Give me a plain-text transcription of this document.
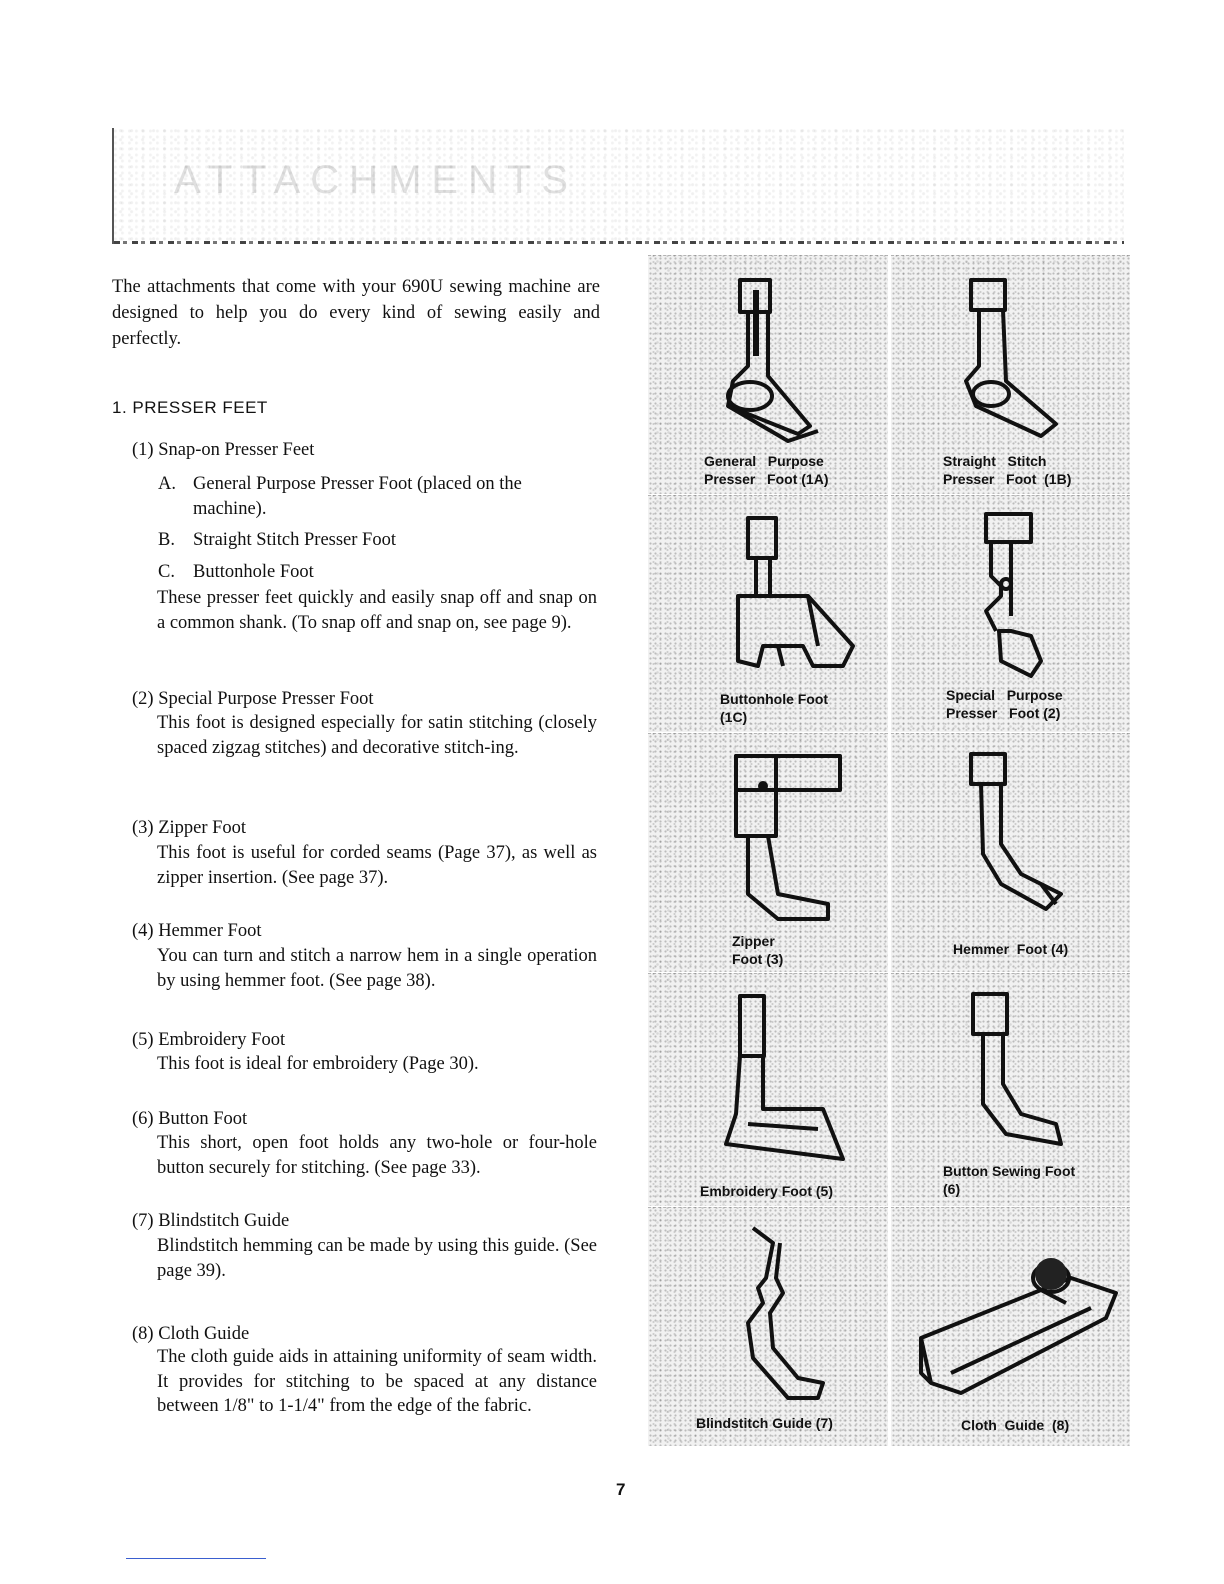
ATTACHMENTS
The attachments that come with your 690U sewing machine are designed to help you do every kind of sewing easily and perfectly.
1. PRESSER FEET
(1) Snap-on Presser Feet
A. General Purpose Presser Foot (placed on the machine).
B. Straight Stitch Presser Foot
C. Buttonhole Foot
These presser feet quickly and easily snap off and snap on a common shank. (To snap off and snap on, see page 9).
(2) Special Purpose Presser Foot
This foot is designed especially for satin stitching (closely spaced zigzag stitches) and decorative stitch-ing.
(3) Zipper Foot
This foot is useful for corded seams (Page 37), as well as zipper insertion. (See page 37).
(4) Hemmer Foot
You can turn and stitch a narrow hem in a single operation by using hemmer foot. (See page 38).
(5) Embroidery Foot
This foot is ideal for embroidery (Page 30).
(6) Button Foot
This short, open foot holds any two-hole or four-hole button securely for stitching. (See page 33).
(7) Blindstitch Guide
Blindstitch hemming can be made by using this guide. (See page 39).
(8) Cloth Guide
The cloth guide aids in attaining uniformity of seam width. It provides for stitching to be spaced at any distance between 1/8" to 1-1/4" from the edge of the fabric.
General   Purpose
Presser   Foot (1A)
Straight   Stitch
Presser   Foot  (1B)
Buttonhole Foot
(1C)
Special   Purpose
Presser   Foot (2)
Zipper
Foot (3)
Hemmer  Foot (4)
Embroidery Foot (5)
Button Sewing Foot
(6)
Blindstitch Guide (7)	Cloth  Guide  (8)
7
